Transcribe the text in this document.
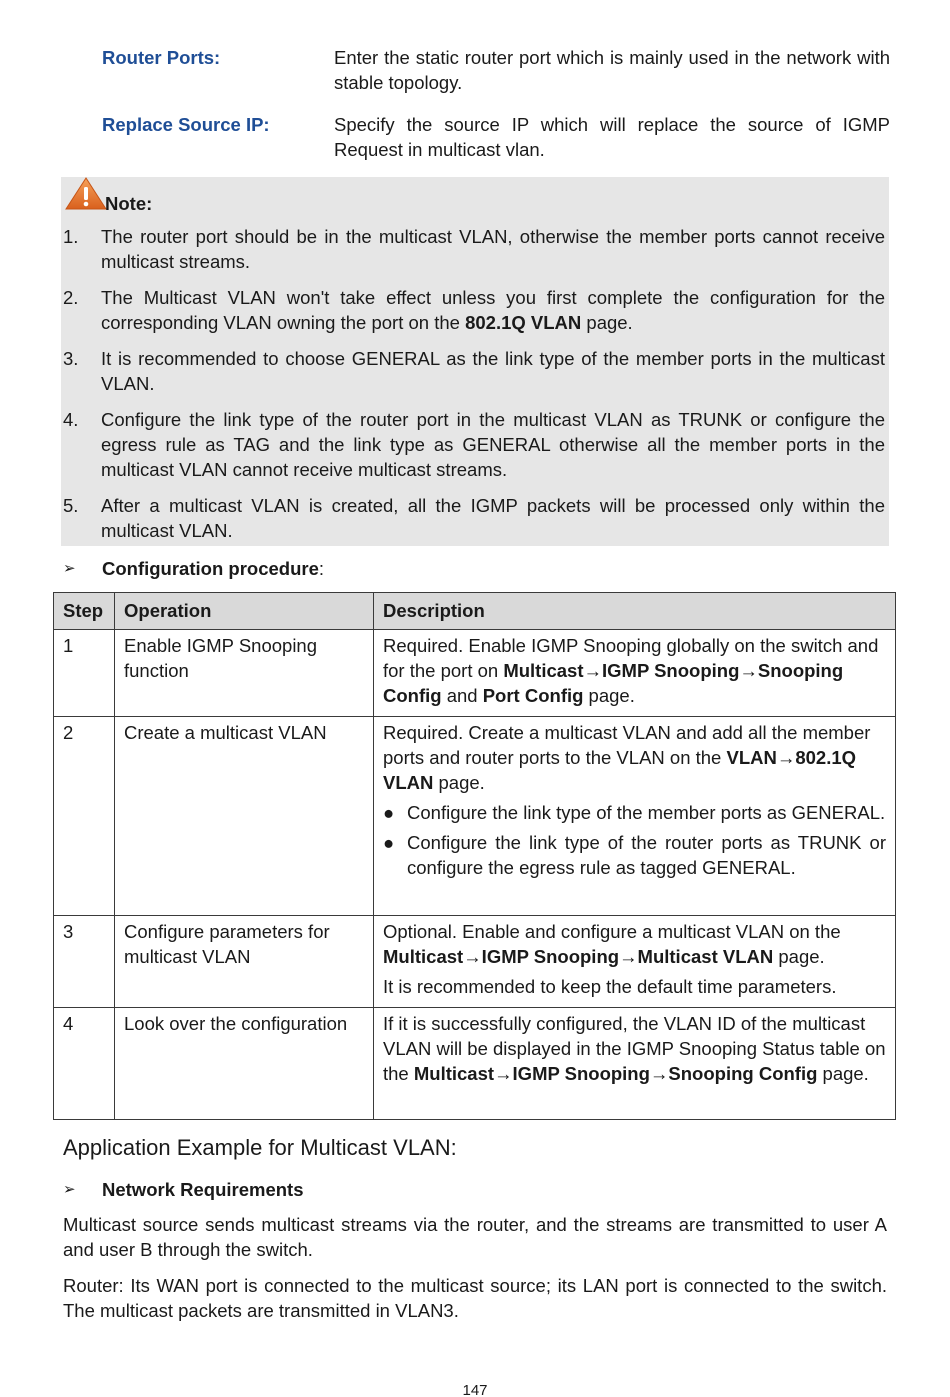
Router Ports:	Enter the static router port which is mainly used in the network with stable topology.
Replace Source IP:	Specify the source IP which will replace the source of IGMP Request in multicast vlan.
Note:
1.	The router port should be in the multicast VLAN, otherwise the member ports cannot receive multicast streams.
2.	The Multicast VLAN won't take effect unless you first complete the configuration for the corresponding VLAN owning the port on the 802.1Q VLAN page.
3.	It is recommended to choose GENERAL as the link type of the member ports in the multicast VLAN.
4.	Configure the link type of the router port in the multicast VLAN as TRUNK or configure the egress rule as TAG and the link type as GENERAL otherwise all the member ports in the multicast VLAN cannot receive multicast streams.
5.	After a multicast VLAN is created, all the IGMP packets will be processed only within the multicast VLAN.
➢	Configuration procedure:
Step	Operation	Description
1	Enable IGMP Snooping function	Required. Enable IGMP Snooping globally on the switch and for the port on Multicast→IGMP Snooping→Snooping Config and Port Config page.
2	Create a multicast VLAN	Required. Create a multicast VLAN and add all the member ports and router ports to the VLAN on the VLAN→802.1Q VLAN page.
● Configure the link type of the member ports as GENERAL.
● Configure the link type of the router ports as TRUNK or configure the egress rule as tagged GENERAL.

3	Configure parameters for multicast VLAN	Optional. Enable and configure a multicast VLAN on the Multicast→IGMP Snooping→Multicast VLAN page.
It is recommended to keep the default time parameters.

4	Look over the configuration	If it is successfully configured, the VLAN ID of the multicast VLAN will be displayed in the IGMP Snooping Status table on the Multicast→IGMP Snooping→Snooping Config page.
Application Example for Multicast VLAN:
➢	Network Requirements
Multicast source sends multicast streams via the router, and the streams are transmitted to user A and user B through the switch.
Router: Its WAN port is connected to the multicast source; its LAN port is connected to the switch. The multicast packets are transmitted in VLAN3.
147
